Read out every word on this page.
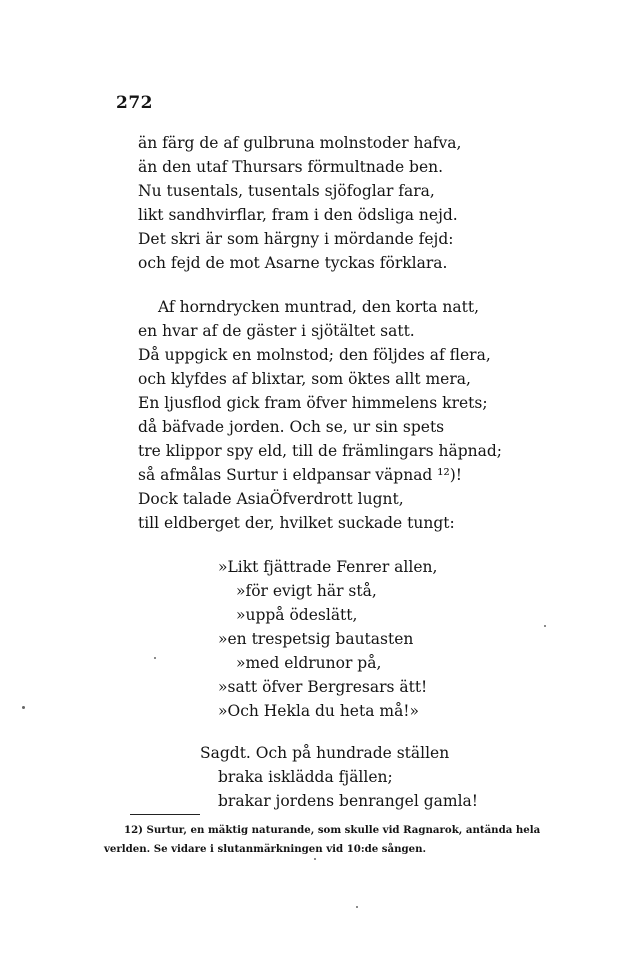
272
än färg de af gulbruna molnstoder hafva,
än den utaf Thursars förmultnade ben.
Nu tusentals, tusentals sjöfoglar fara,
likt sandhvirflar, fram i den ödsliga nejd.
Det skri är som härgny i mördande fejd:
och fejd de mot Asarne tyckas förklara.
Af horndrycken muntrad, den korta natt,
en hvar af de gäster i sjötältet satt.
Då uppgick en molnstod; den följdes af flera,
och klyfdes af blixtar, som öktes allt mera,
En ljusflod gick fram öfver himmelens krets;
då bäfvade jorden. Och se, ur sin spets
tre klippor spy eld, till de främlingars häpnad;
så afmålas Surtur i eldpansar väpnad ¹²)!
Dock talade AsiaÖfverdrott lugnt,
till eldberget der, hvilket suckade tungt:
»Likt fjättrade Fenrer allen,
»för evigt här stå,
»uppå ödeslätt,
»en trespetsig bautasten
»med eldrunor på,
»satt öfver Bergresars ätt!
»Och Hekla du heta må!»
Sagdt. Och på hundrade ställen
braka isklädda fjällen;
brakar jordens benrangel gamla!
12) Surtur, en mäktig naturande, som skulle vid Ragnarok, antända hela
verlden. Se vidare i slutanmärkningen vid 10:de sången.
